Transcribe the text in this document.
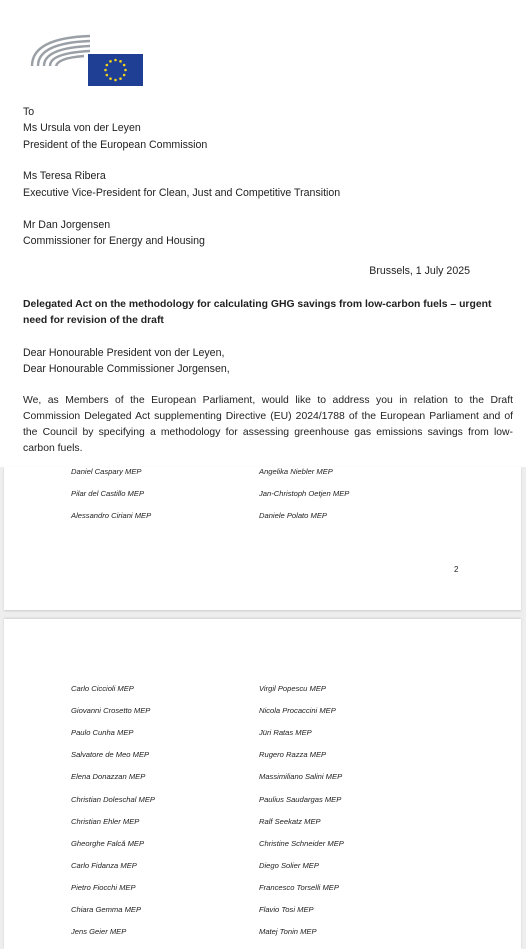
To
Ms Ursula von der Leyen
President of the European Commission
Ms Teresa Ribera
Executive Vice-President for Clean, Just and Competitive Transition
Mr Dan Jorgensen
Commissioner for Energy and Housing
Brussels, 1 July 2025
Delegated Act on the methodology for calculating GHG savings from low-carbon fuels – urgent need for revision of the draft
Dear Honourable President von der Leyen,
Dear Honourable Commissioner Jorgensen,
We, as Members of the European Parliament, would like to address you in relation to the Draft Commission Delegated Act supplementing Directive (EU) 2024/1788 of the European Parliament and of the Council by specifying a methodology for assessing greenhouse gas emissions savings from low-carbon fuels.
Daniel Caspary MEP
Pilar del Castillo MEP
Alessandro Ciriani MEP
Angelika Niebler MEP
Jan-Christoph Oetjen MEP
Daniele Polato MEP
2
Carlo Ciccioli MEP
Giovanni Crosetto MEP
Paulo Cunha MEP
Salvatore de Meo MEP
Elena Donazzan MEP
Christian Doleschal MEP
Christian Ehler MEP
Gheorghe Falcă MEP
Carlo Fidanza MEP
Pietro Fiocchi MEP
Chiara Gemma MEP
Jens Geier MEP
Virgil Popescu MEP
Nicola Procaccini MEP
Jüri Ratas MEP
Rugero Razza MEP
Massimiliano Salini MEP
Paulius Saudargas MEP
Ralf Seekatz MEP
Christine Schneider MEP
Diego Solier MEP
Francesco Torselli MEP
Flavio Tosi MEP
Matej Tonin MEP
